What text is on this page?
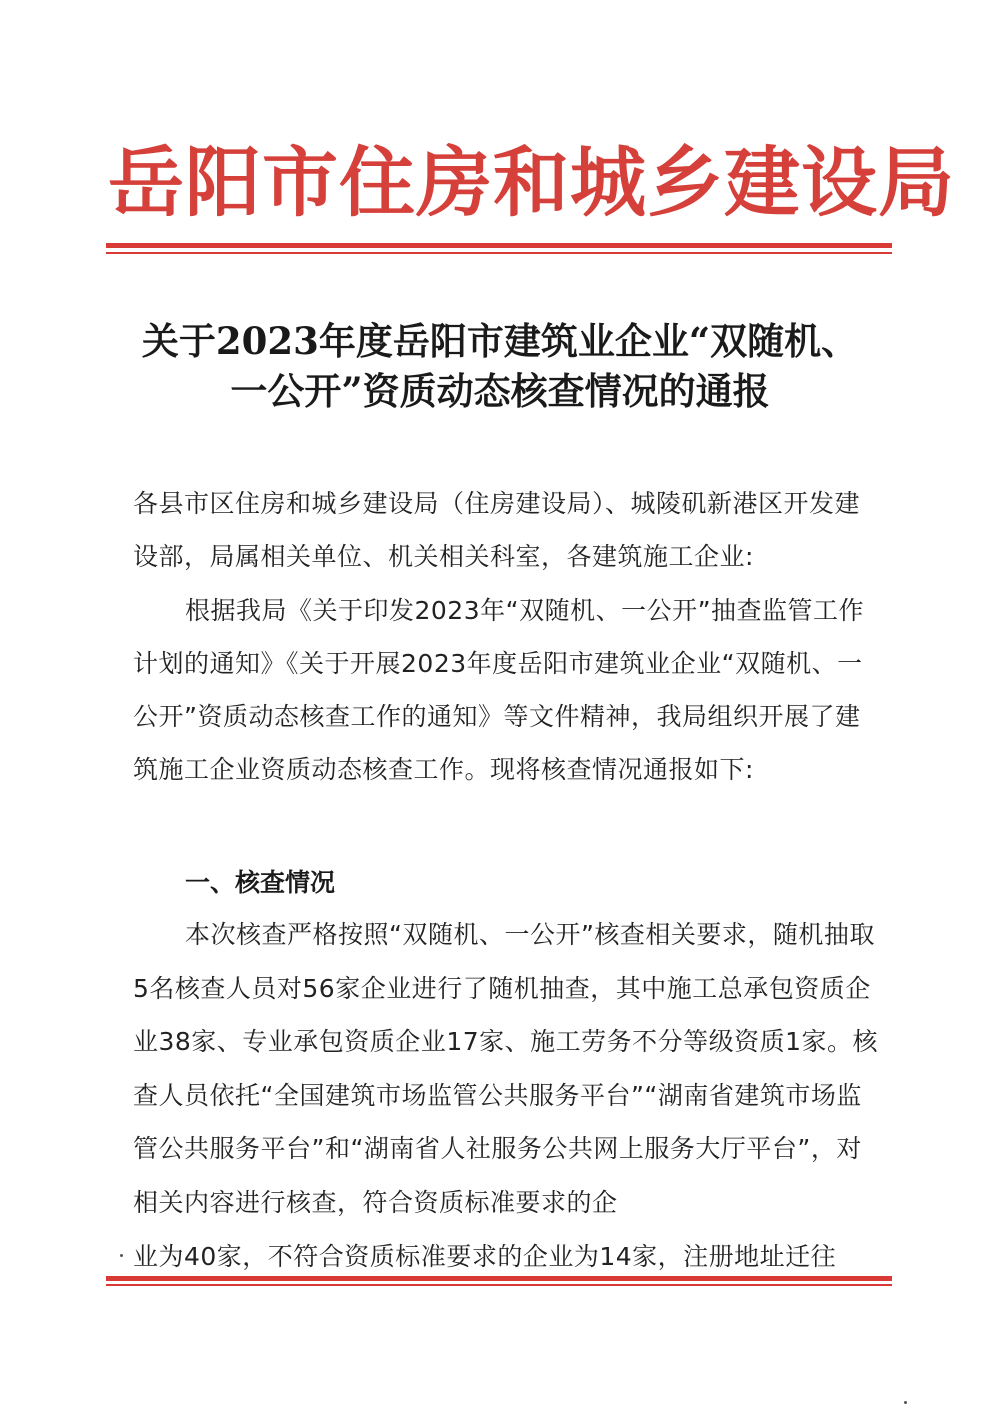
岳阳市住房和城乡建设局
关于2023年度岳阳市建筑业企业“双随机、
一公开”资质动态核查情况的通报

各县市区住房和城乡建设局（住房建设局）、城陵矶新港区开发建设部，局属相关单位、机关相关科室，各建筑施工企业:

根据我局《关于印发2023年“双随机、一公开”抽查监管工作计划的通知》《关于开展2023年度岳阳市建筑业企业“双随机、一公开”资质动态核查工作的通知》等文件精神，我局组织开展了建筑施工企业资质动态核查工作。现将核查情况通报如下:

一、核查情况

本次核查严格按照“双随机、一公开”核查相关要求，随机抽取5名核查人员对56家企业进行了随机抽查，其中施工总承包资质企业38家、专业承包资质企业17家、施工劳务不分等级资质1家。核查人员依托“全国建筑市场监管公共服务平台”“湖南省建筑市场监管公共服务平台”和“湖南省人社服务公共网上服务大厅平台”，对相关内容进行核查，符合资质标准要求的企

业为40家，不符合资质标准要求的企业为14家，注册地址迁往
